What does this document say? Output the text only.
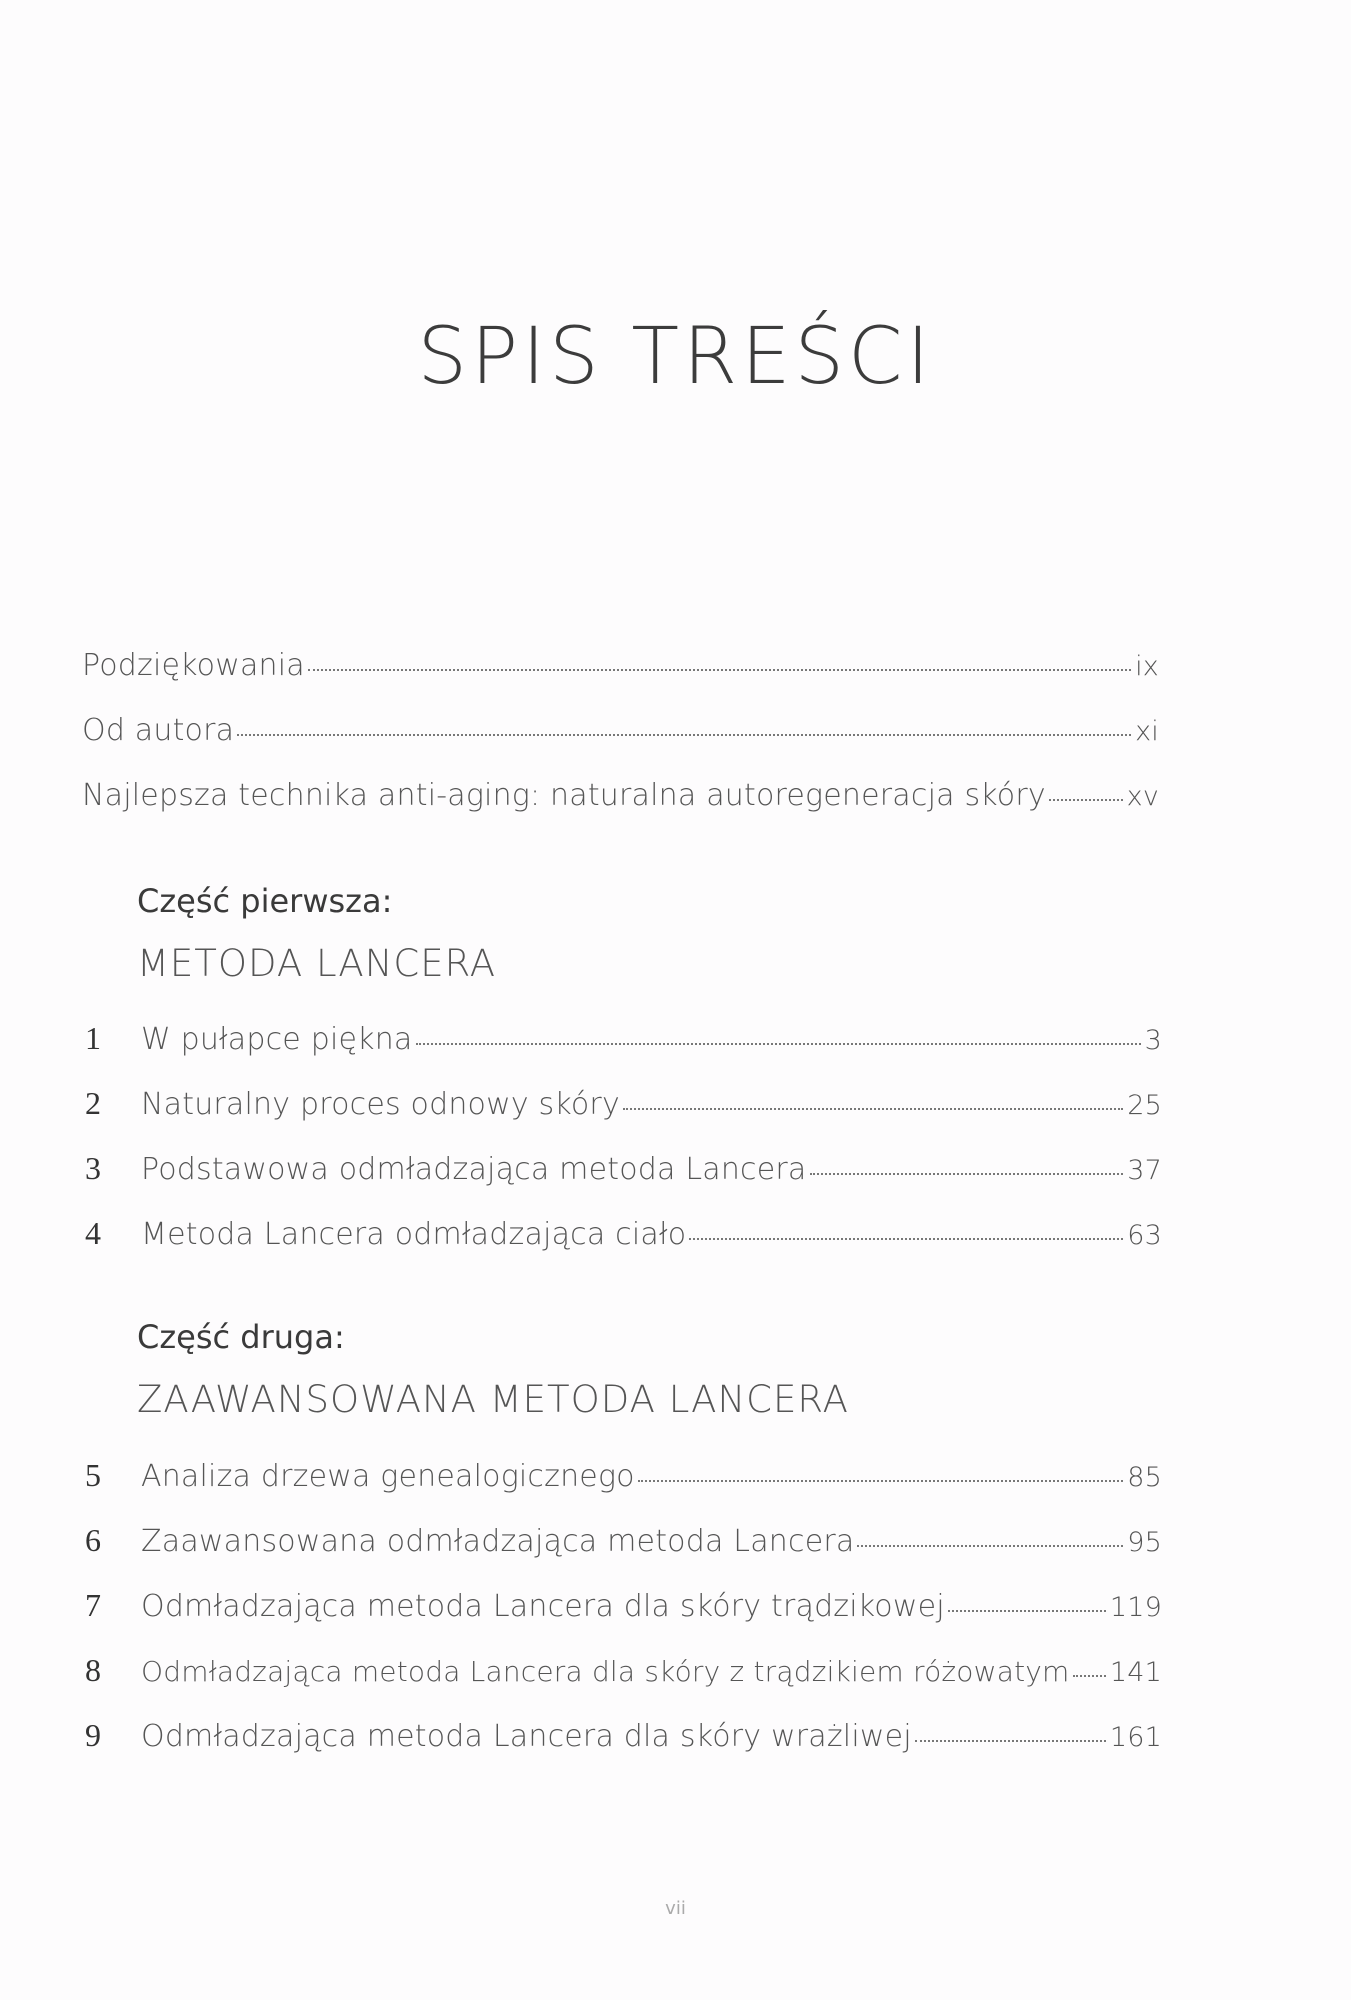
SPIS TREŚCI
Podziękowania	ix
Od autora	xi
Najlepsza technika anti-aging: naturalna autoregeneracja skóry	xv
Część pierwsza:
METODA LANCERA
1	W pułapce piękna	3
2	Naturalny proces odnowy skóry	25
3	Podstawowa odmładzająca metoda Lancera	37
4	Metoda Lancera odmładzająca ciało	63
Część druga:
ZAAWANSOWANA METODA LANCERA
5	Analiza drzewa genealogicznego	85
6	Zaawansowana odmładzająca metoda Lancera	95
7	Odmładzająca metoda Lancera dla skóry trądzikowej	119
8	Odmładzająca metoda Lancera dla skóry z trądzikiem różowatym 141
9	Odmładzająca metoda Lancera dla skóry wrażliwej	161
vii
